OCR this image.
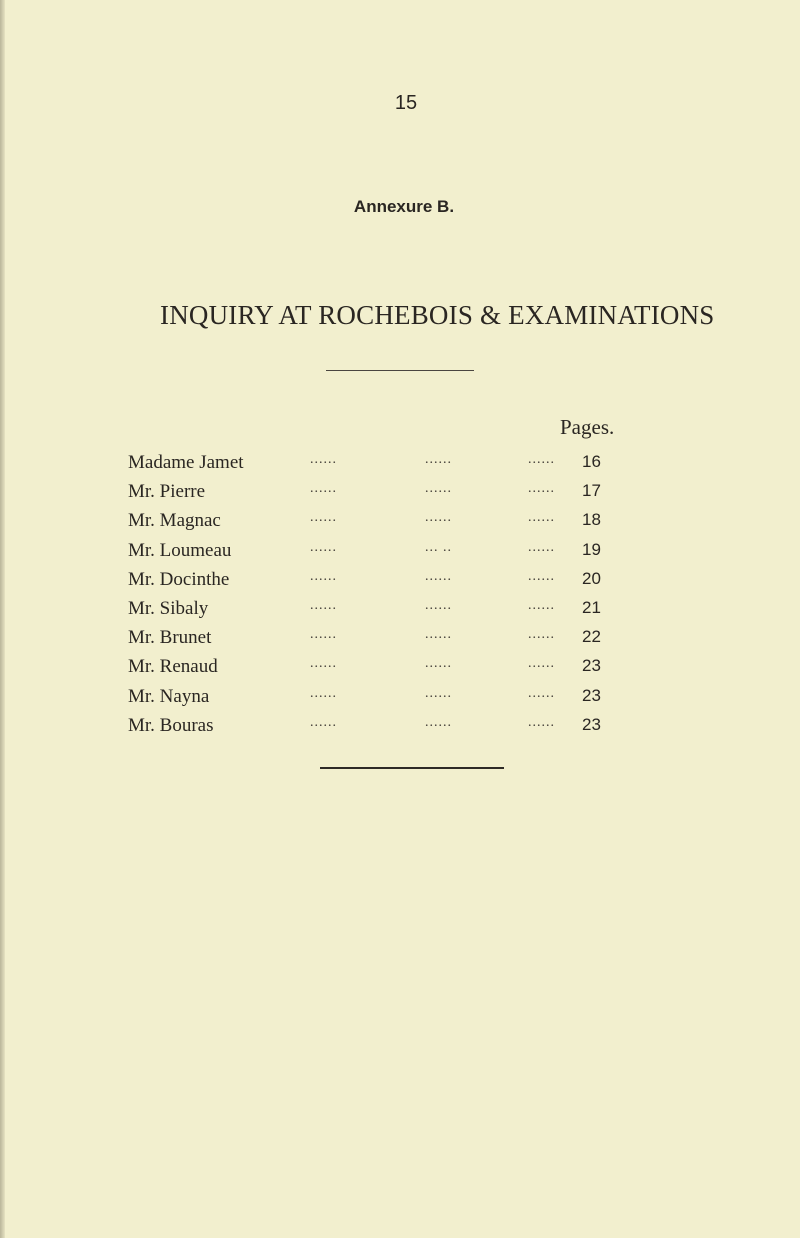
15
Annexure B.
INQUIRY AT ROCHEBOIS & EXAMINATIONS
Pages.
Madame Jamet	......	......	...... 16
Mr. Pierre	......	......	...... 17
Mr. Magnac	......	......	...... 18
Mr. Loumeau	......	... ..	...... 19
Mr. Docinthe	......	......	...... 20
Mr. Sibaly	......	......	...... 21
Mr. Brunet	......	......	...... 22
Mr. Renaud	......	......	...... 23
Mr. Nayna	......	......	...... 23
Mr. Bouras	......	......	...... 23
